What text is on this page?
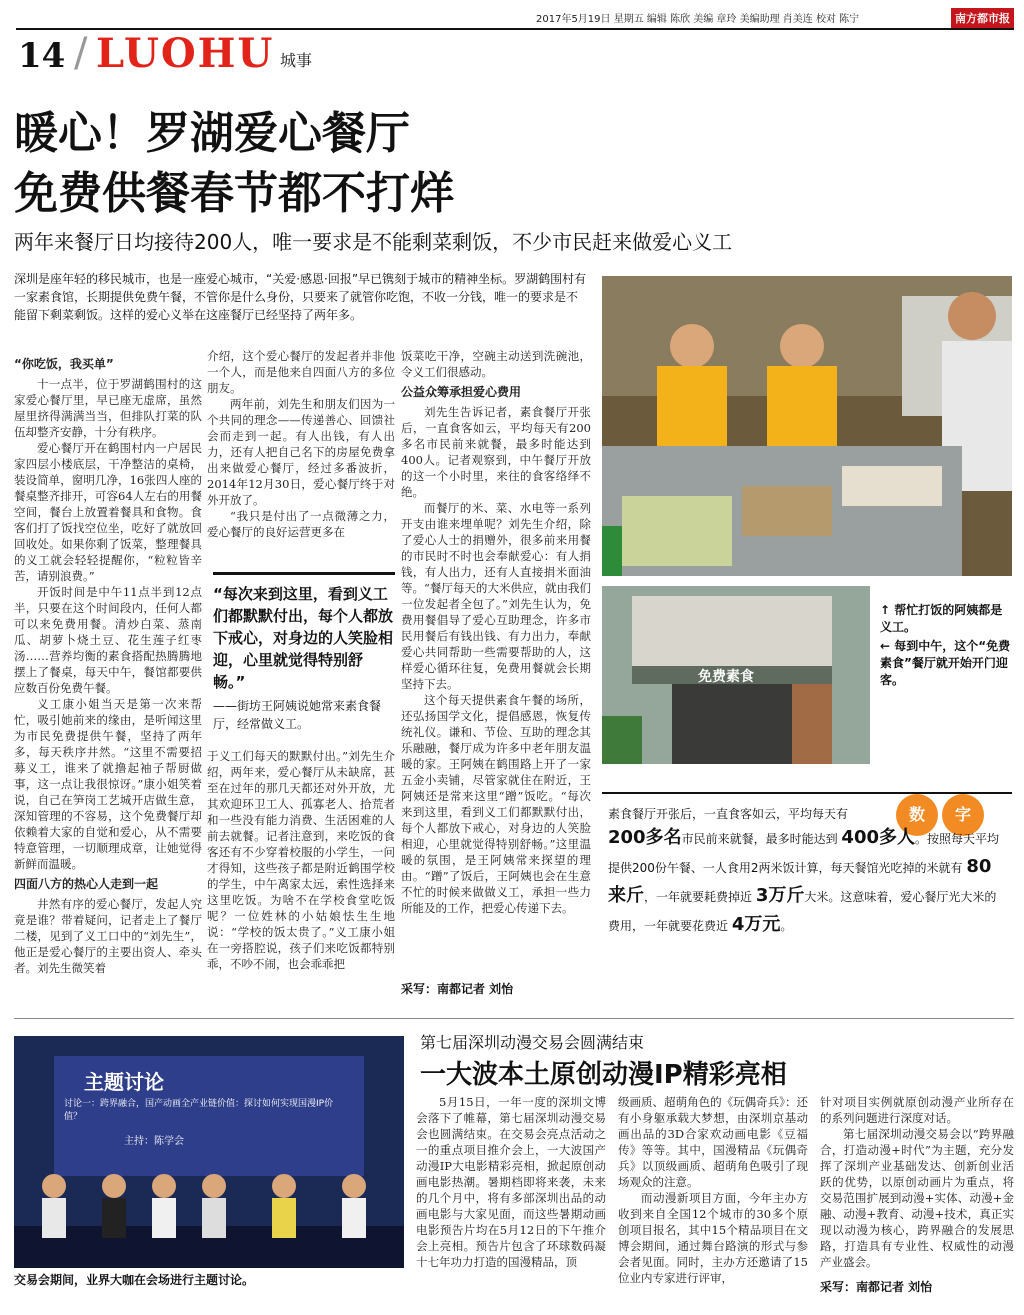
2017年5月19日 星期五 编辑 陈欣 美编 章玲 美编助理 肖美连 校对 陈宁	南方都市报
14 / LUOHU 城事
暖心！罗湖爱心餐厅
免费供餐春节都不打烊
两年来餐厅日均接待200人，唯一要求是不能剩菜剩饭，不少市民赶来做爱心义工
深圳是座年轻的移民城市，也是一座爱心城市，“关爱·感恩·回报”早已镌刻于城市的精神坐标。罗湖鹤围村有一家素食馆，长期提供免费午餐，不管你是什么身份，只要来了就管你吃饱，不收一分钱，唯一的要求是不能留下剩菜剩饭。这样的爱心义举在这座餐厅已经坚持了两年多。

“你吃饭，我买单”

十一点半，位于罗湖鹤围村的这家爱心餐厅里，早已座无虚席，虽然屋里挤得满满当当，但排队打菜的队伍却整齐安静，十分有秩序。

爱心餐厅开在鹤围村内一户居民家四层小楼底层，干净整洁的桌椅，装设简单，窗明几净，16张四人座的餐桌整齐排开，可容64人左右的用餐空间，餐台上放置着餐具和食物。食客们打了饭找空位坐，吃好了就放回回收处。如果你剩了饭菜，整理餐具的义工就会轻轻提醒你，“粒粒皆辛苦，请别浪费。”

开饭时间是中午11点半到12点半，只要在这个时间段内，任何人都可以来免费用餐。清炒白菜、蒸南瓜、胡萝卜烧土豆、花生莲子红枣汤……营养均衡的素食搭配热腾腾地摆上了餐桌，每天中午，餐馆都要供应数百份免费午餐。

义工康小姐当天是第一次来帮忙，吸引她前来的缘由，是听闻这里为市民免费提供午餐，坚持了两年多，每天秩序井然。“这里不需要招募义工，谁来了就撸起袖子帮厨做事，这一点让我很惊讶。”康小姐笑着说，自己在笋岗工艺城开店做生意，深知管理的不容易，这个免费餐厅却依赖着大家的自觉和爱心，从不需要特意管理，一切顺理成章，让她觉得新鲜而温暖。

四面八方的热心人走到一起

井然有序的爱心餐厅，发起人究竟是谁？带着疑问，记者走上了餐厅二楼，见到了义工口中的“刘先生”，他正是爱心餐厅的主要出资人、牵头者。刘先生微笑着

介绍，这个爱心餐厅的发起者并非他一个人，而是他来自四面八方的多位朋友。

两年前，刘先生和朋友们因为一个共同的理念——传递善心、回馈社会而走到一起。有人出钱，有人出力，还有人把自己名下的房屋免费拿出来做爱心餐厅，经过多番波折，2014年12月30日，爱心餐厅终于对外开放了。

“我只是付出了一点微薄之力，爱心餐厅的良好运营更多在

“每次来到这里，看到义工们都默默付出，每个人都放下戒心，对身边的人笑脸相迎，心里就觉得特别舒畅。”
——街坊王阿姨说她常来素食餐厅，经常做义工。

于义工们每天的默默付出。”刘先生介绍，两年来，爱心餐厅从未缺席，甚至在过年的那几天都还对外开放，尤其欢迎环卫工人、孤寡老人、拾荒者和一些没有能力消费、生活困难的人前去就餐。记者注意到，来吃饭的食客还有不少穿着校服的小学生，一问才得知，这些孩子都是附近鹤围学校的学生，中午离家太远，索性选择来这里吃饭。为啥不在学校食堂吃饭呢？一位姓林的小姑娘怯生生地说：“学校的饭太贵了。”义工康小姐在一旁搭腔说，孩子们来吃饭都特别乖，不吵不闹，也会乖乖把

饭菜吃干净，空碗主动送到洗碗池，令义工们很感动。

公益众筹承担爱心费用

刘先生告诉记者，素食餐厅开张后，一直食客如云，平均每天有200多名市民前来就餐，最多时能达到400人。记者观察到，中午餐厅开放的这一个小时里，来往的食客络绎不绝。

而餐厅的米、菜、水电等一系列开支由谁来埋单呢？刘先生介绍，除了爱心人士的捐赠外，很多前来用餐的市民时不时也会奉献爱心：有人捐钱，有人出力，还有人直接捐米面油等。“餐厅每天的大米供应，就由我们一位发起者全包了。”刘先生认为，免费用餐倡导了爱心互助理念，许多市民用餐后有钱出钱、有力出力，奉献爱心共同帮助一些需要帮助的人，这样爱心循环往复，免费用餐就会长期坚持下去。

这个每天提供素食午餐的场所，还弘扬国学文化，提倡感恩，恢复传统礼仪。谦和、节俭、互助的理念其乐融融，餐厅成为许多中老年朋友温暖的家。王阿姨在鹤围路上开了一家五金小卖铺，尽管家就住在附近，王阿姨还是常来这里“蹭”饭吃。“每次来到这里，看到义工们都默默付出，每个人都放下戒心，对身边的人笑脸相迎，心里就觉得特别舒畅。”这里温暖的氛围，是王阿姨常来探望的理由。“蹭”了饭后，王阿姨也会在生意不忙的时候来做做义工，承担一些力所能及的工作，把爱心传递下去。

采写：南都记者 刘怡
免费素食
↑ 帮忙打饭的阿姨都是义工。
← 每到中午，这个“免费素食”餐厅就开始开门迎客。
数	字

素食餐厅开张后，一直食客如云，平均每天有

200多名市民前来就餐，最多时能达到 400多人。按照每天平均提供200份午餐、一人食用2两米饭计算，每天餐馆光吃掉的米就有 80来斤，一年就要耗费掉近 3万斤大米。这意味着，爱心餐厅光大米的费用，一年就要花费近 4万元。

主题讨论
讨论一：跨界融合，国产动画全产业链价值：探讨如何实现国漫IP价值？
主持：陈学会
交易会期间，业界大咖在会场进行主题讨论。
第七届深圳动漫交易会圆满结束
一大波本土原创动漫IP精彩亮相

5月15日，一年一度的深圳文博会落下了帷幕，第七届深圳动漫交易会也圆满结束。在交易会亮点活动之一的重点项目推介会上，一大波国产动漫IP大电影精彩亮相，掀起原创动画电影热潮。暑期档即将来袭，未来的几个月中，将有多部深圳出品的动画电影与大家见面，而这些暑期动画电影预告片均在5月12日的下午推介会上亮相。预告片包含了环球数码凝十七年功力打造的国漫精品，顶

级画质、超萌角色的《玩偶奇兵》：还有小身躯承载大梦想，由深圳京基动画出品的3D合家欢动画电影《豆福传》等等。其中，国漫精品《玩偶奇兵》以顶级画质、超萌角色吸引了现场观众的注意。

而动漫新项目方面，今年主办方收到来自全国12个城市的30多个原创项目报名，其中15个精品项目在文博会期间，通过舞台路演的形式与参会者见面。同时，主办方还邀请了15位业内专家进行评审，

针对项目实例就原创动漫产业所存在的系列问题进行深度对话。

第七届深圳动漫交易会以“跨界融合，打造动漫+时代”为主题，充分发挥了深圳产业基础发达、创新创业活跃的优势，以原创动画片为重点，将交易范围扩展到动漫+实体、动漫+金融、动漫+教育、动漫+技术，真正实现以动漫为核心，跨界融合的发展思路，打造具有专业性、权威性的动漫产业盛会。

采写：南都记者 刘怡
